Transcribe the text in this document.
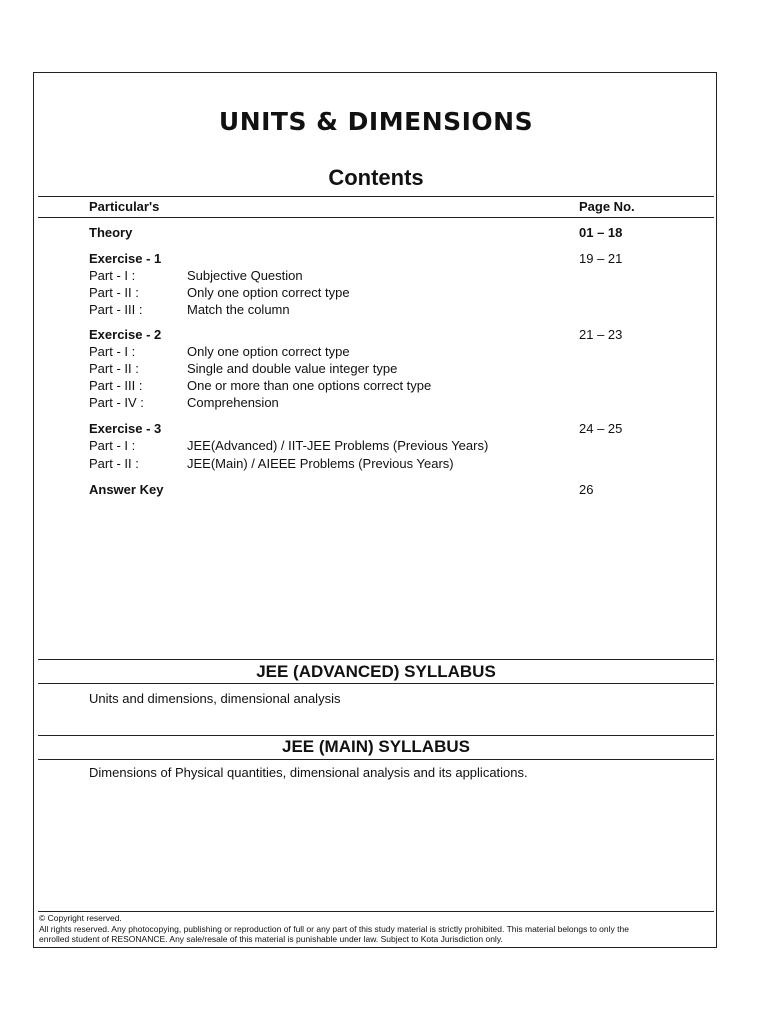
UNITS & DIMENSIONS
Contents
Particular's	Page No.
Theory	01 – 18
Exercise - 1	19 – 21
Part - I :	Subjective Question
Part - II :	Only one option correct type
Part - III :	Match the column
Exercise - 2	21 – 23
Part - I :	Only one option correct type
Part - II :	Single and double value integer type
Part - III :	One or more than one options correct type
Part - IV :	Comprehension
Exercise - 3	24 – 25
Part - I :	JEE(Advanced) / IIT-JEE Problems (Previous Years)
Part - II :	JEE(Main) / AIEEE Problems (Previous Years)
Answer Key	26
JEE (ADVANCED) SYLLABUS
Units and dimensions, dimensional analysis
JEE (MAIN) SYLLABUS
Dimensions of Physical quantities, dimensional analysis and its applications.
© Copyright reserved.
All rights reserved. Any photocopying, publishing or reproduction of full or any part of this study material is strictly prohibited. This material belongs to only the
enrolled student of RESONANCE. Any sale/resale of this material is punishable under law. Subject to Kota Jurisdiction only.
